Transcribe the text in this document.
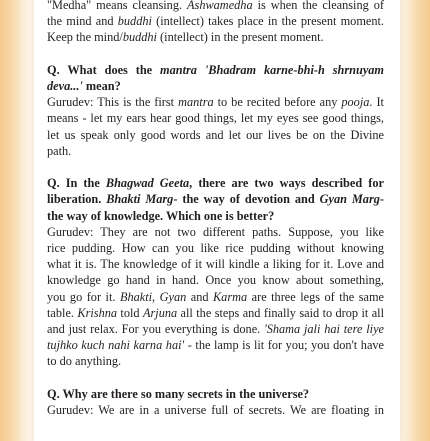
"Medha" means cleansing. Ashwamedha is when the cleansing of
the mind and buddhi (intellect) takes place in the present moment.
Keep the mind/buddhi (intellect) in the present moment.

Q. What does the mantra 'Bhadram karne-bhi-h shrnuyam
deva...' mean?

Gurudev: This is the first mantra to be recited before any pooja. It
means - let my ears hear good things, let my eyes see good things,
let us speak only good words and let our lives be on the Divine
path.

Q. In the Bhagwad Geeta, there are two ways described for
liberation. Bhakti Marg- the way of devotion and Gyan Marg-
the way of knowledge. Which one is better?

Gurudev: They are not two different paths. Suppose, you like
rice pudding. How can you like rice pudding without knowing
what it is. The knowledge of it will kindle a liking for it. Love and
knowledge go hand in hand. Once you know about something,
you go for it. Bhakti, Gyan and Karma are three legs of the same
table. Krishna told Arjuna all the steps and finally said to drop it all
and just relax. For you everything is done. 'Shama jali hai tere liye
tujhko kuch nahi karna hai' - the lamp is lit for you; you don't have
to do anything.

Q. Why are there so many secrets in the universe?

Gurudev: We are in a universe full of secrets. We are floating in
